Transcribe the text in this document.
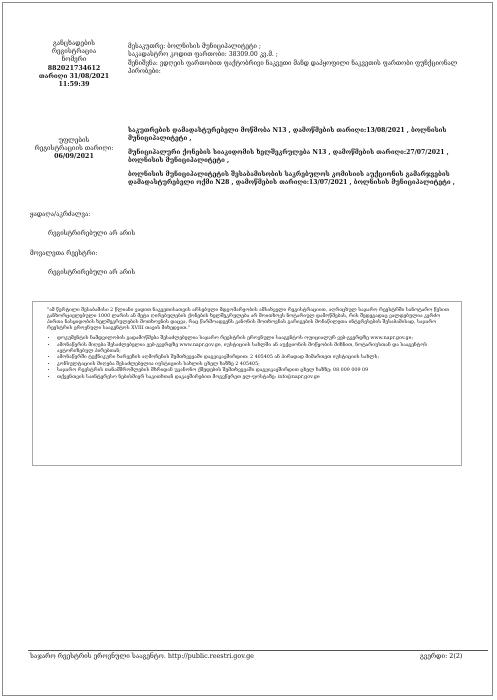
განცხადების
რეგისტრაცია
ნომერი
882021734612
თარიღი 31/08/2021
11:59:39
უფლების
რეგისტრაციის თარიღი:
06/09/2021
მესაკუთრე: ბოლნისის მუნიციპალიტეტი ;
საკადასტრო კოდით ფართობი: 38309.00 კვ.მ. ;
შენიშვნა: ვდღეის ფართობით ფაქტობრივი ნაკვეთი მანდ დაჰყოფილი ნაკვეთის ფართობი ფუნქციონალ პირობები:
საკუთრების დამადასტურებელი მოწმობა N13 , დამოწმების თარიღი:13/08/2021 , ბოლნისის მუნიციპალიტეტი ,
მუნიციპალური ქონების სიაკიდომის ხელშეკრულება N13 , დამოწმების თარიღი:27/07/2021 , ბოლნისის მუნიციპალიტეტი ,
ბოლნისის მუნიციპალიტეტის შესაბამისობის საკრებულოს კომისიის აუქციონის გამარჯვების დამადასტურებელი ოქმი N28 , დამოწმების თარიღი:13/07/2021 , ბოლნისის მუნიციპალიტეტი ,
ყადაღა/აკრძალვა:
რეგისტრირებული არ არის
მოვალეთა რეესტრი:
რეგისტრირებული არ არის

"ამ წერტილი შესაბამისი 2 წლიანი ვადით ნაკვეთისათვის არსებული მდგომარეობის ამსახველი რეგისტრაციით, აღრიცხულ საჯარო რეესტრში სანოტარო წესით განხორციელებული 1000 ლარის ან მეტი ღირებულების ქონების ხელშეკრულება არ მოითხოვს ნოტარიულ დამოწმებას, რის შედეგადაც ვალდებულია კერძო პირთა ნასყიდობის ხელშეკრულების მოთხოვნის დაცვა, რაც წარმოადგენს კანონის მოთხოვნას გარიგების მონაწილეთა ინტერესების შესაბამისად, საჯარო რეესტრის ეროვნული სააგენტოს XVIII თავის მიხედვით."

• დოკუმენტის ნამდვილობის გადამოწმება შესაძლებელია საჯარო რეესტრის ეროვნული სააგენტოს ოფიციალურ ვებ-გვერდზე www.napr.gov.ge;
• ამონაწერის მიღება შესაძლებელია ვებ-გვერდზე www.napr.gov.ge, იუსტიციის სახლში ან აუქციონის მოწყობის მიზნით, ნოტარიუსთან და სააგენტოს ავტორიზებულ პირებთან;
• ამონაწერში ტექნიკური ხარვეზის აღმოჩენის შემთხვევაში დაგვიკავშირდით: 2 405405 ან პირადად მიმართეთ იუსტიციის სახლს;
• კონსულტაციის მიღება შესაძლებელია იუსტიციის სახლის ცხელ ხაზზე 2 405405;
• საჯარო რეესტრის თანამშრომლების მხრიდან უკანონო ქმედების შემთხვევაში დაგვიკავშირდით ცხელ ხაზზე: 08 009 009 09
• თქვენთვის საინტერესო ნებისმიერ საკითხთან დაკავშირებით მოგვწერეთ ელ-ფოსტაზე: info@napr.gov.ge
საჯარო რეესტრის ეროვნული სააგენტო. http://public.reestri.gov.ge	გვერდი: 2(2)
